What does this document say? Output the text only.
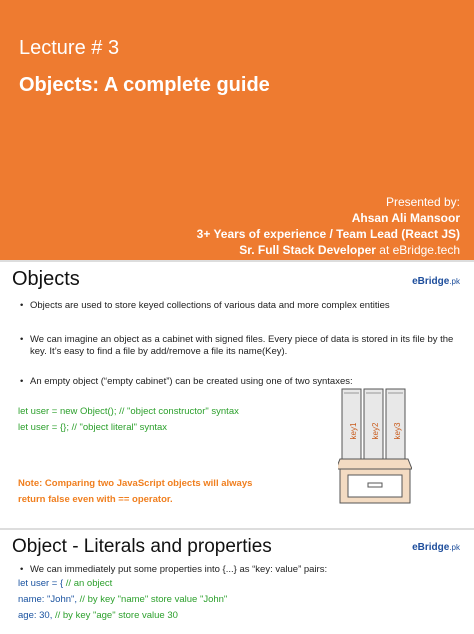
Lecture # 3
Objects: A complete guide
Presented by:
Ahsan Ali Mansoor
3+ Years of experience / Team Lead (React JS)
Sr. Full Stack Developer at eBridge.tech
Objects	eBridge.pk
• Objects are used to store keyed collections of various data and more complex entities
• We can imagine an object as a cabinet with signed files. Every piece of data is stored in its file by the key. It’s easy to find a file by add/remove a file its name(Key).
• An empty object (“empty cabinet”) can be created using one of two syntaxes:
let user = new Object(); // "object constructor" syntax
let user = {}; // "object literal" syntax
Note: Comparing two JavaScript objects will always
return false even with == operator.
key1 key2 key3
Object - Literals and properties	eBridge.pk
• We can immediately put some properties into {...} as “key: value” pairs:
let user = { // an object
name: "John", // by key "name" store value "John"
age: 30, // by key "age" store value 30
